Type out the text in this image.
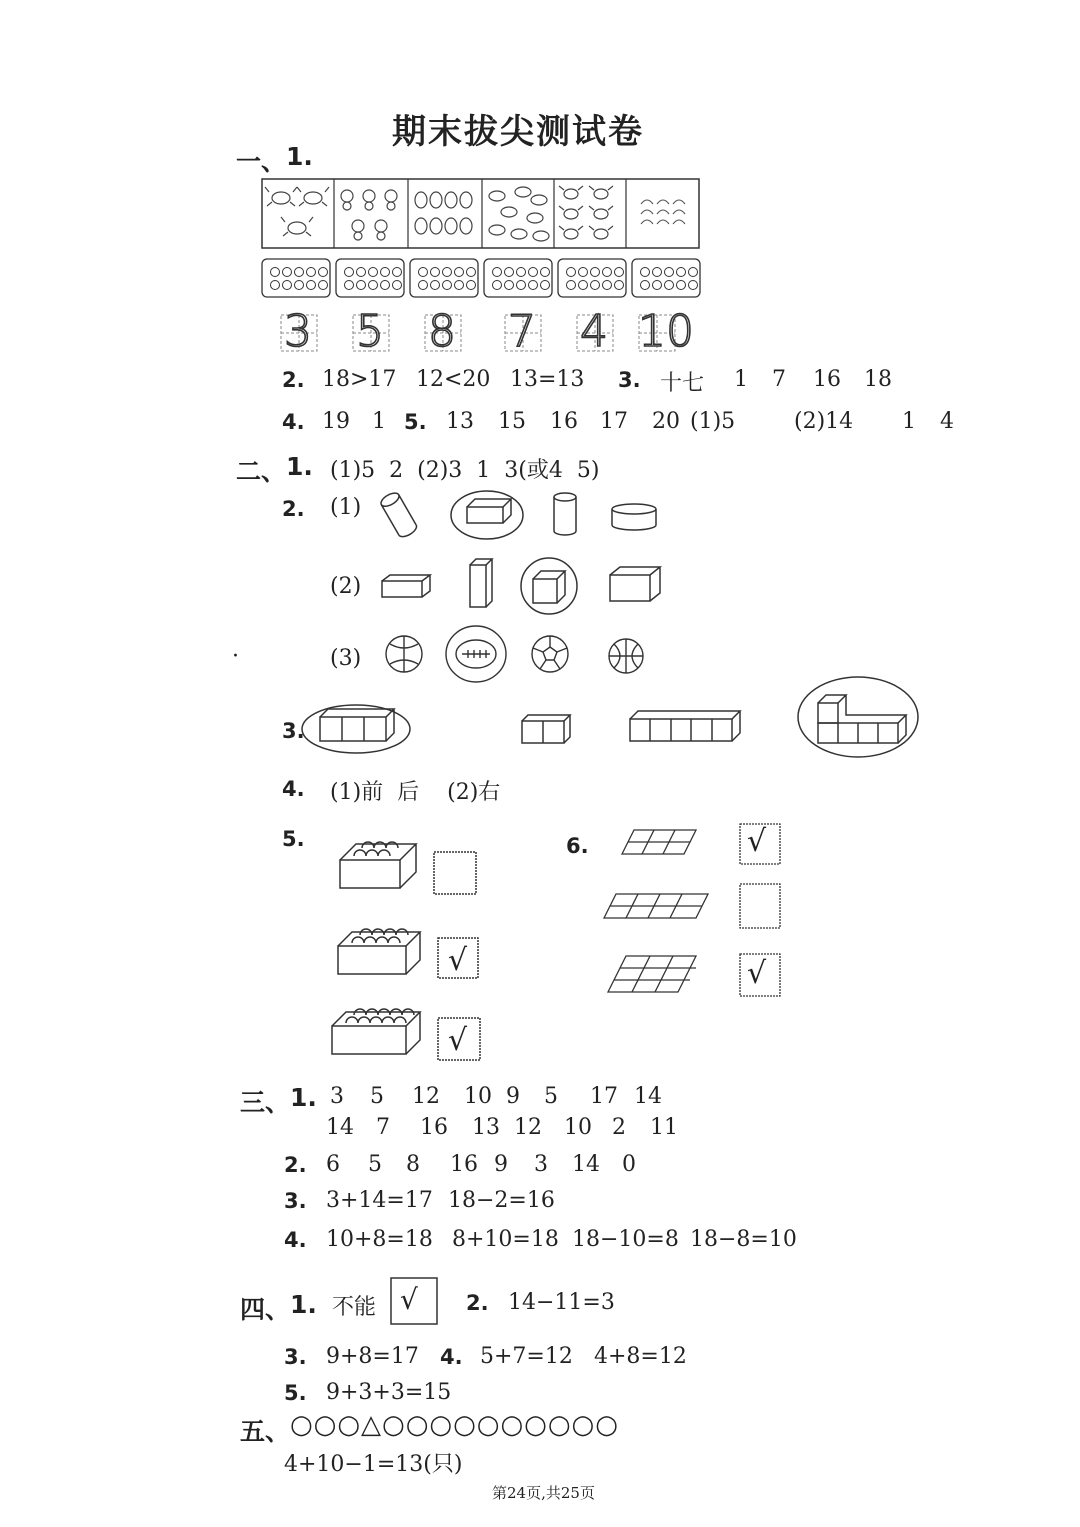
期末拔尖测试卷
一、 1.
3 5 8 7 4 10
2. 18>17 12<20 13=13 3. 十七 1 7 16 18
4. 19 1 5. 13 15 16 17 20 (1)5	(2)14 1 4
二、 1. (1)5  2  (2)3  1  3(或4  5)
2. (1)
(2)
(3)
·
3.
4. (1)前  后    (2)右
5.	6.
√
√
√
√
三、 1. 3 5 12 10 9 5 17 14
14 7 16 13 12 10 2 11
2. 6 5 8 16 9 3 14 0
3. 3+14=17 18−2=16
4. 10+8=18 8+10=18 18−10=8 18−8=10
四、 1. 不能 √ 2. 14−11=3
3. 9+8=17 4. 5+7=12 4+8=12
5. 9+3+3=15
五、 ○○○△○○○○○○○○○○
4+10−1=13(只)
第24页,共25页
